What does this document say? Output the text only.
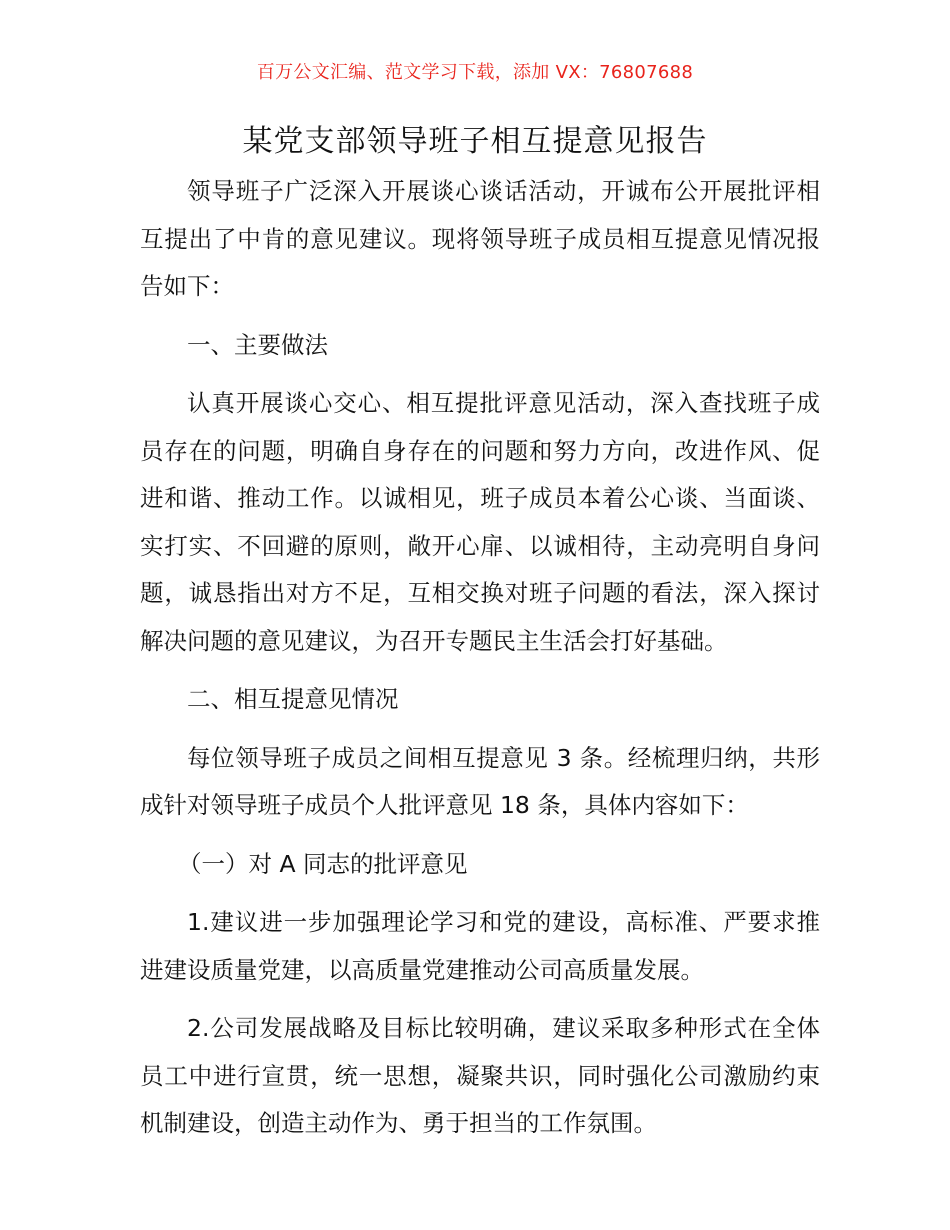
百万公文汇编、范文学习下载，添加 VX：76807688
某党支部领导班子相互提意见报告

领导班子广泛深入开展谈心谈话活动，开诚布公开展批评相互提出了中肯的意见建议。现将领导班子成员相互提意见情况报告如下：

一、主要做法

认真开展谈心交心、相互提批评意见活动，深入查找班子成员存在的问题，明确自身存在的问题和努力方向，改进作风、促进和谐、推动工作。以诚相见，班子成员本着公心谈、当面谈、实打实、不回避的原则，敞开心扉、以诚相待，主动亮明自身问题，诚恳指出对方不足，互相交换对班子问题的看法，深入探讨解决问题的意见建议，为召开专题民主生活会打好基础。

二、相互提意见情况

每位领导班子成员之间相互提意见 3 条。经梳理归纳，共形成针对领导班子成员个人批评意见 18 条，具体内容如下：

（一）对 A 同志的批评意见

1.建议进一步加强理论学习和党的建设，高标准、严要求推进建设质量党建，以高质量党建推动公司高质量发展。

2.公司发展战略及目标比较明确，建议采取多种形式在全体员工中进行宣贯，统一思想，凝聚共识，同时强化公司激励约束机制建设，创造主动作为、勇于担当的工作氛围。
